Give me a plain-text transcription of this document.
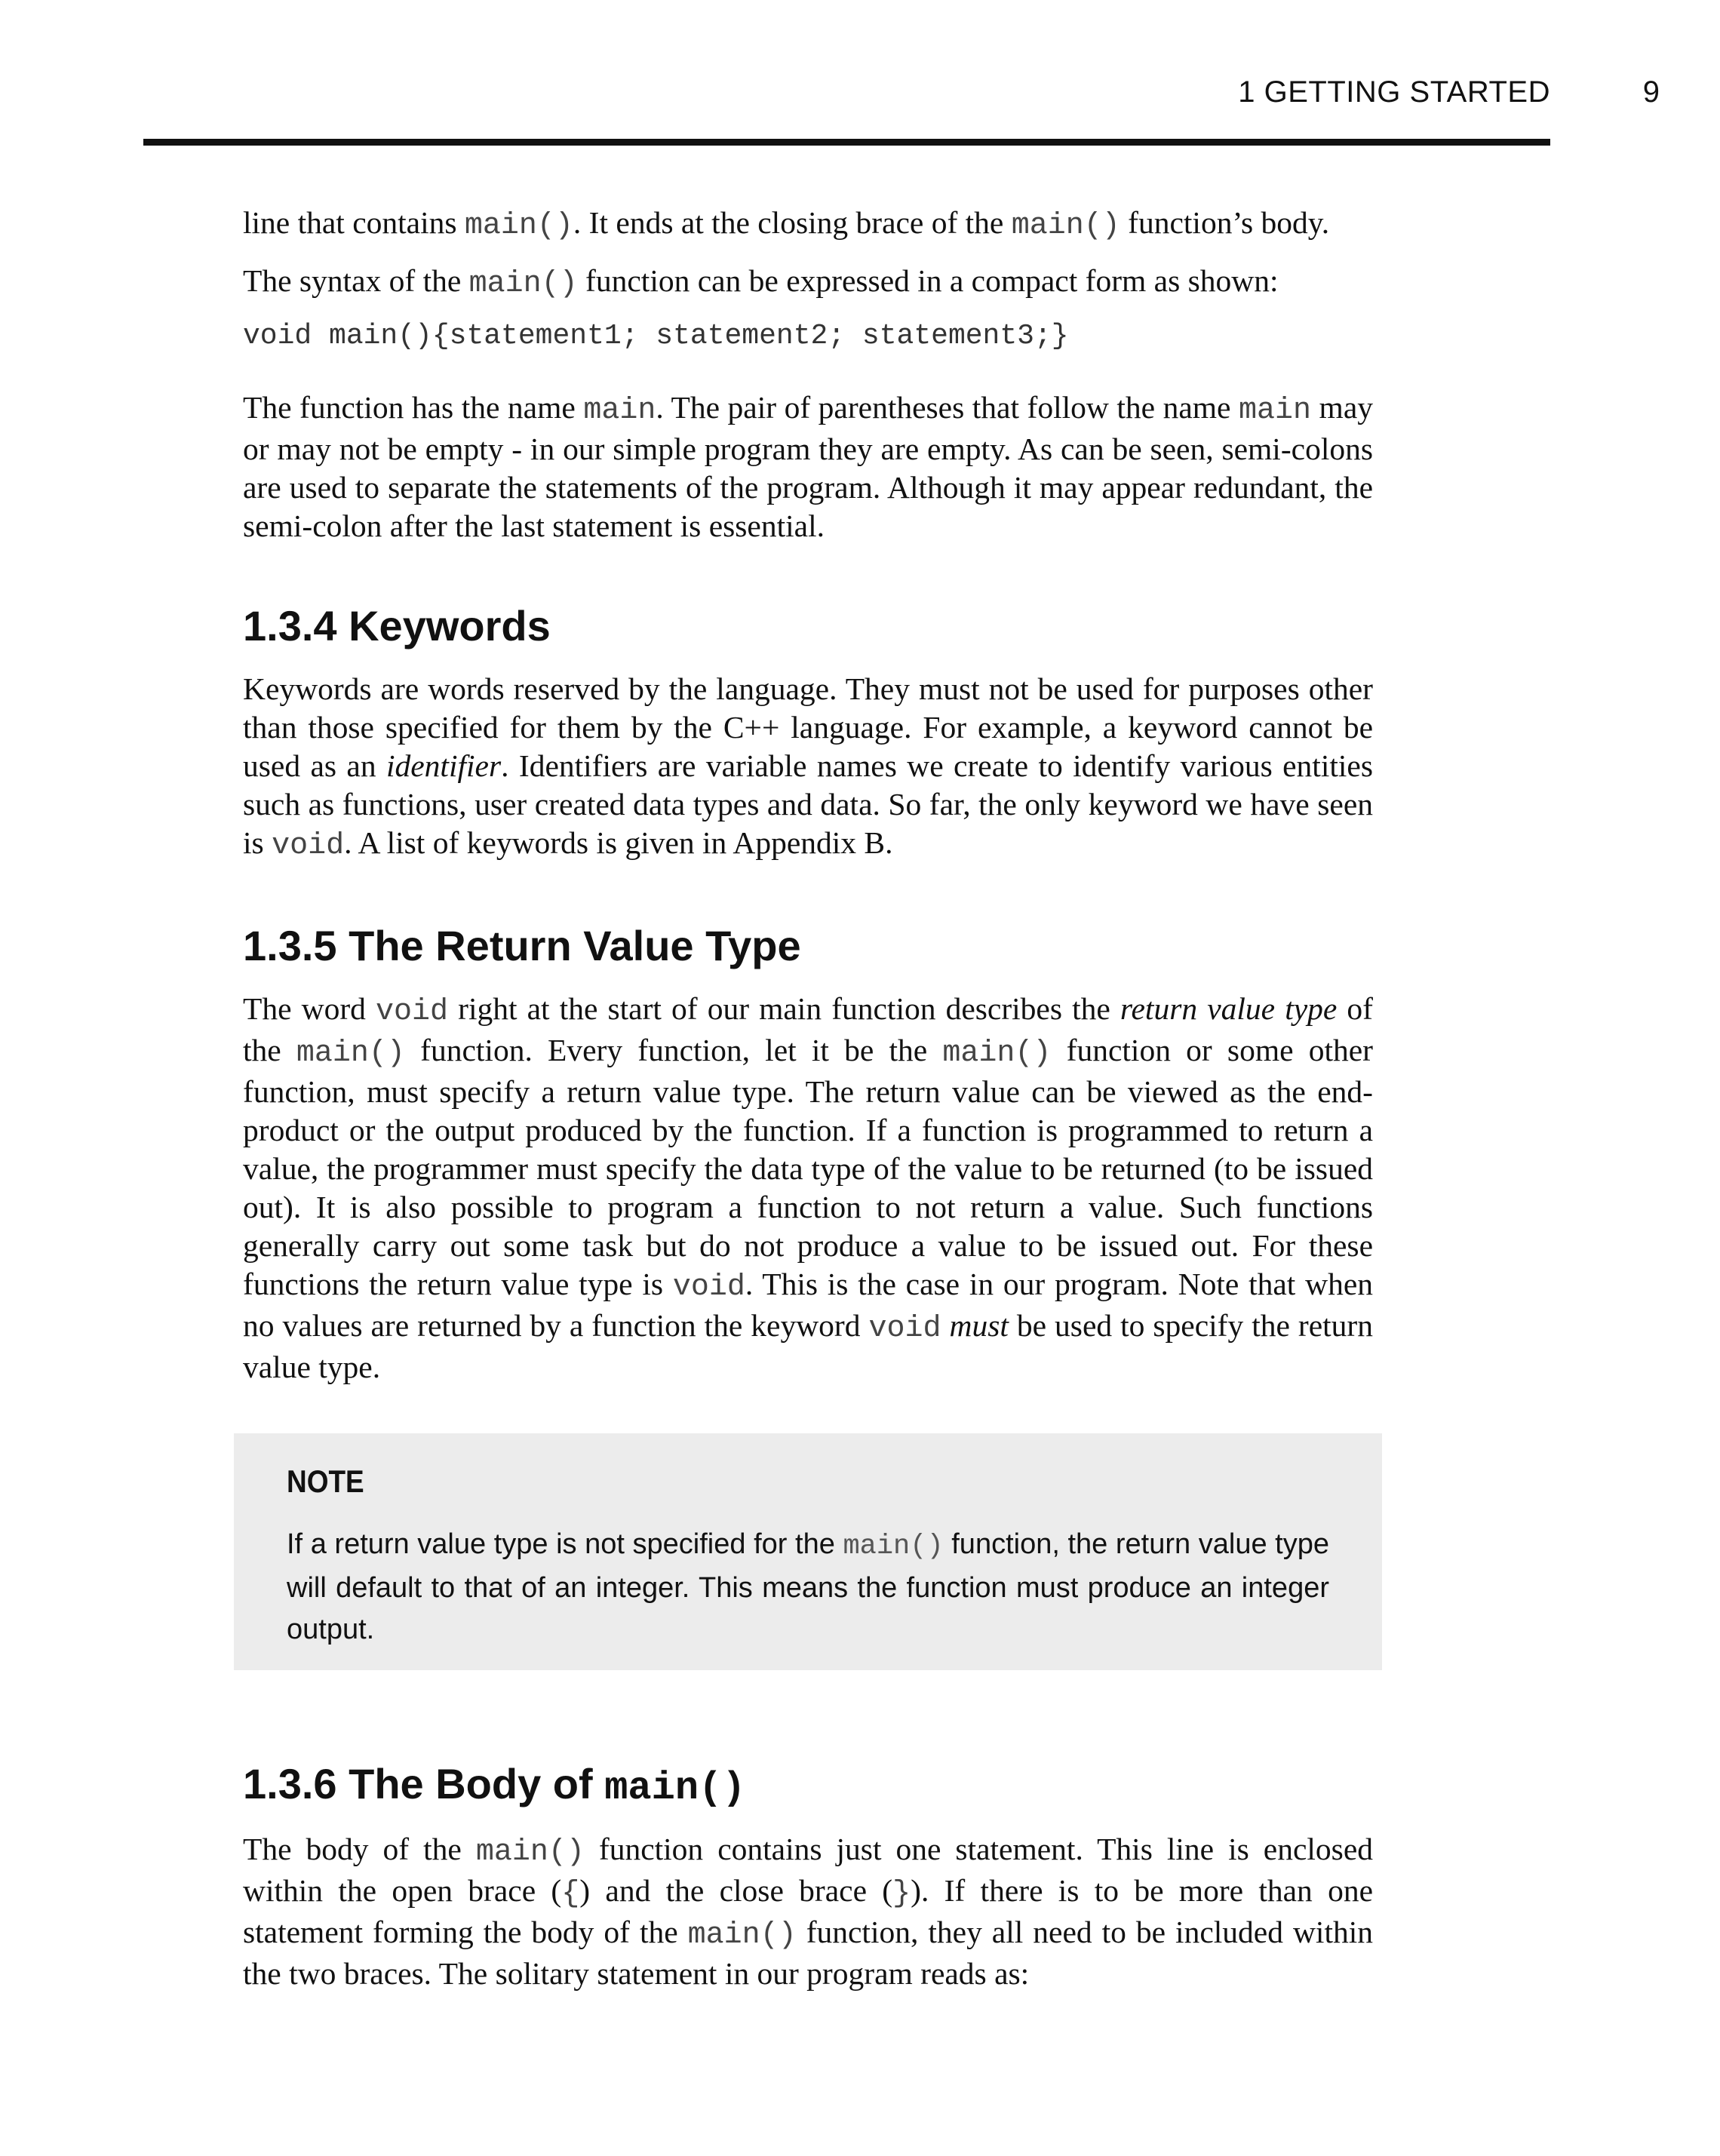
1 GETTING STARTED	9

line that contains main(). It ends at the closing brace of the main() function’s body.

The syntax of the main() function can be expressed in a compact form as shown:

void main(){statement1; statement2; statement3;}

The function has the name main. The pair of parentheses that follow the name main may or may not be empty - in our simple program they are empty. As can be seen, semi-colons are used to separate the statements of the program. Although it may appear redundant, the semi-colon after the last statement is essential.

1.3.4 Keywords

Keywords are words reserved by the language. They must not be used for purposes other than those specified for them by the C++ language. For example, a keyword cannot be used as an identifier. Identifiers are variable names we create to identify various entities such as functions, user created data types and data. So far, the only keyword we have seen is void. A list of keywords is given in Appendix B.

1.3.5 The Return Value Type

The word void right at the start of our main function describes the return value type of the main() function. Every function, let it be the main() function or some other function, must specify a return value type. The return value can be viewed as the end-product or the output produced by the function. If a function is programmed to return a value, the programmer must specify the data type of the value to be returned (to be issued out). It is also possible to program a function to not return a value. Such functions generally carry out some task but do not produce a value to be issued out. For these functions the return value type is void. This is the case in our program. Note that when no values are returned by a function the keyword void must be used to specify the return value type.

NOTE

If a return value type is not specified for the main() function, the return value type will default to that of an integer. This means the function must produce an integer output.

1.3.6 The Body of main()

The body of the main() function contains just one statement. This line is enclosed within the open brace ({) and the close brace (}). If there is to be more than one statement forming the body of the main() function, they all need to be included within the two braces. The solitary statement in our program reads as:
